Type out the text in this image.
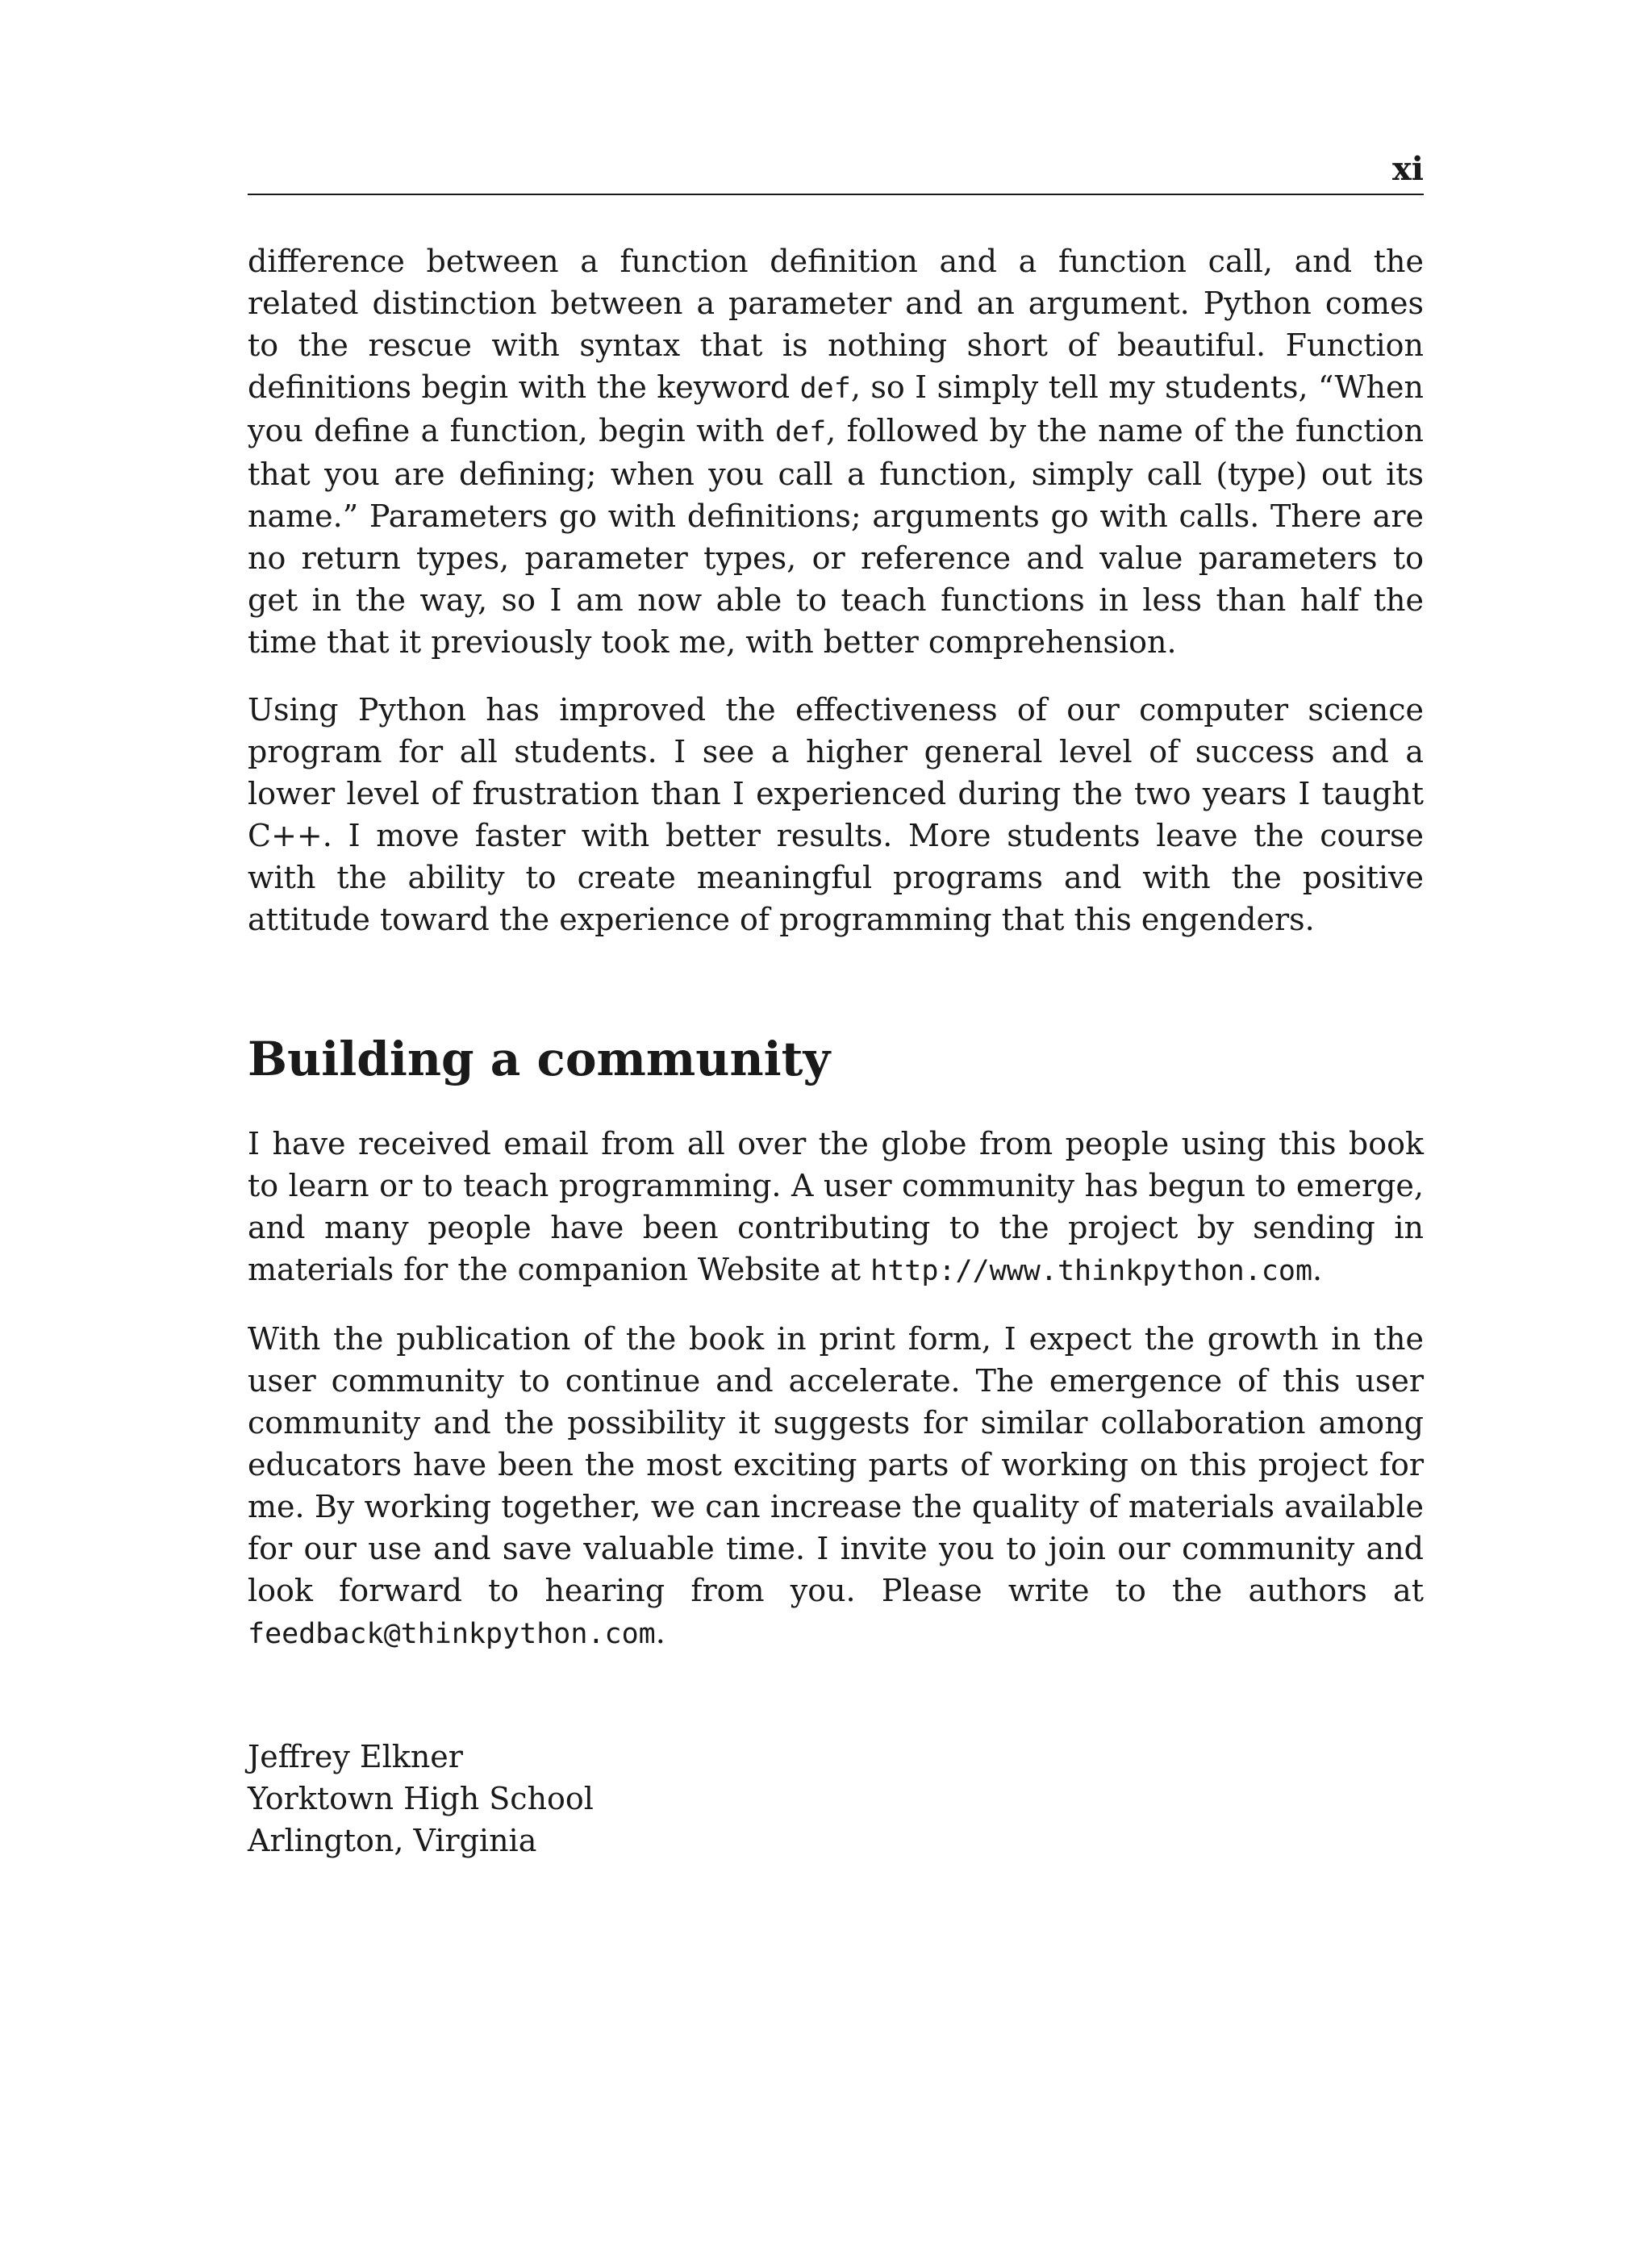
xi

difference between a function definition and a function call, and the related distinction between a parameter and an argument. Python comes to the rescue with syntax that is nothing short of beautiful. Function definitions begin with the keyword def, so I simply tell my students, “When you define a function, begin with def, followed by the name of the function that you are defining; when you call a function, simply call (type) out its name.” Parameters go with definitions; arguments go with calls. There are no return types, parameter types, or reference and value parameters to get in the way, so I am now able to teach functions in less than half the time that it previously took me, with better comprehension.

Using Python has improved the effectiveness of our computer science program for all students. I see a higher general level of success and a lower level of frustration than I experienced during the two years I taught C++. I move faster with better results. More students leave the course with the ability to create meaningful programs and with the positive attitude toward the experience of programming that this engenders.

Building a community

I have received email from all over the globe from people using this book to learn or to teach programming. A user community has begun to emerge, and many people have been contributing to the project by sending in materials for the companion Website at http://www.thinkpython.com.

With the publication of the book in print form, I expect the growth in the user community to continue and accelerate. The emergence of this user community and the possibility it suggests for similar collaboration among educators have been the most exciting parts of working on this project for me. By working together, we can increase the quality of materials available for our use and save valuable time. I invite you to join our community and look forward to hearing from you. Please write to the authors at feedback@thinkpython.com.

Jeffrey Elkner
Yorktown High School
Arlington, Virginia
